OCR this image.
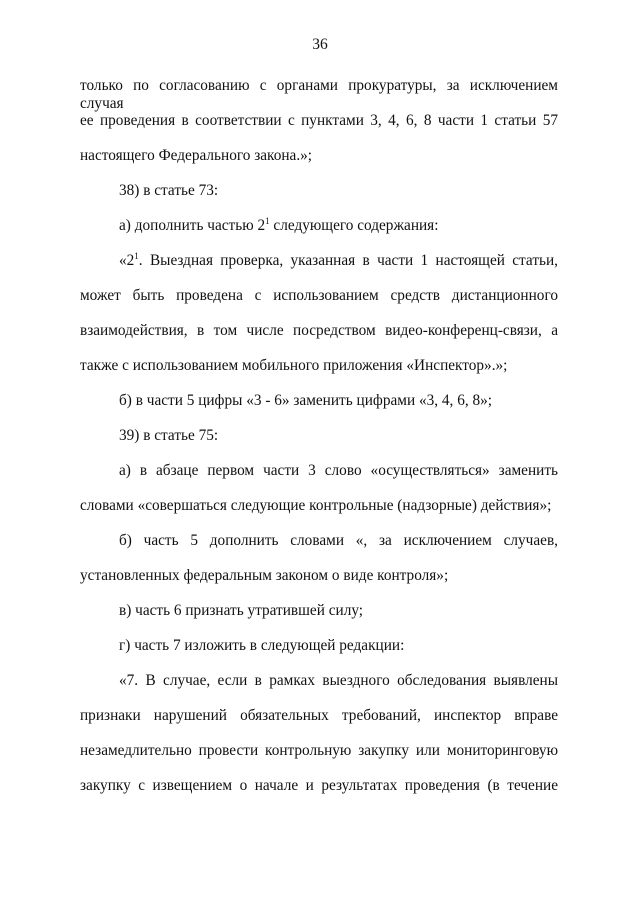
36
только по согласованию с органами прокуратуры, за исключением случая
ее проведения в соответствии с пунктами 3, 4, 6, 8 части 1 статьи 57
настоящего Федерального закона.»;
38) в статье 73:
а) дополнить частью $2^1$ следующего содержания:
«$2^1$. Выездная проверка, указанная в части 1 настоящей статьи,
может быть проведена с использованием средств дистанционного
взаимодействия, в том числе посредством видео-конференц-связи, а
также с использованием мобильного приложения «Инспектор».»;
б) в части 5 цифры «3 - 6» заменить цифрами «3, 4, 6, 8»;
39) в статье 75:
а) в абзаце первом части 3 слово «осуществляться» заменить
словами «совершаться следующие контрольные (надзорные) действия»;
б) часть 5 дополнить словами «, за исключением случаев,
установленных федеральным законом о виде контроля»;
в) часть 6 признать утратившей силу;
г) часть 7 изложить в следующей редакции:
«7. В случае, если в рамках выездного обследования выявлены
признаки нарушений обязательных требований, инспектор вправе
незамедлительно провести контрольную закупку или мониторинговую
закупку с извещением о начале и результатах проведения (в течение
